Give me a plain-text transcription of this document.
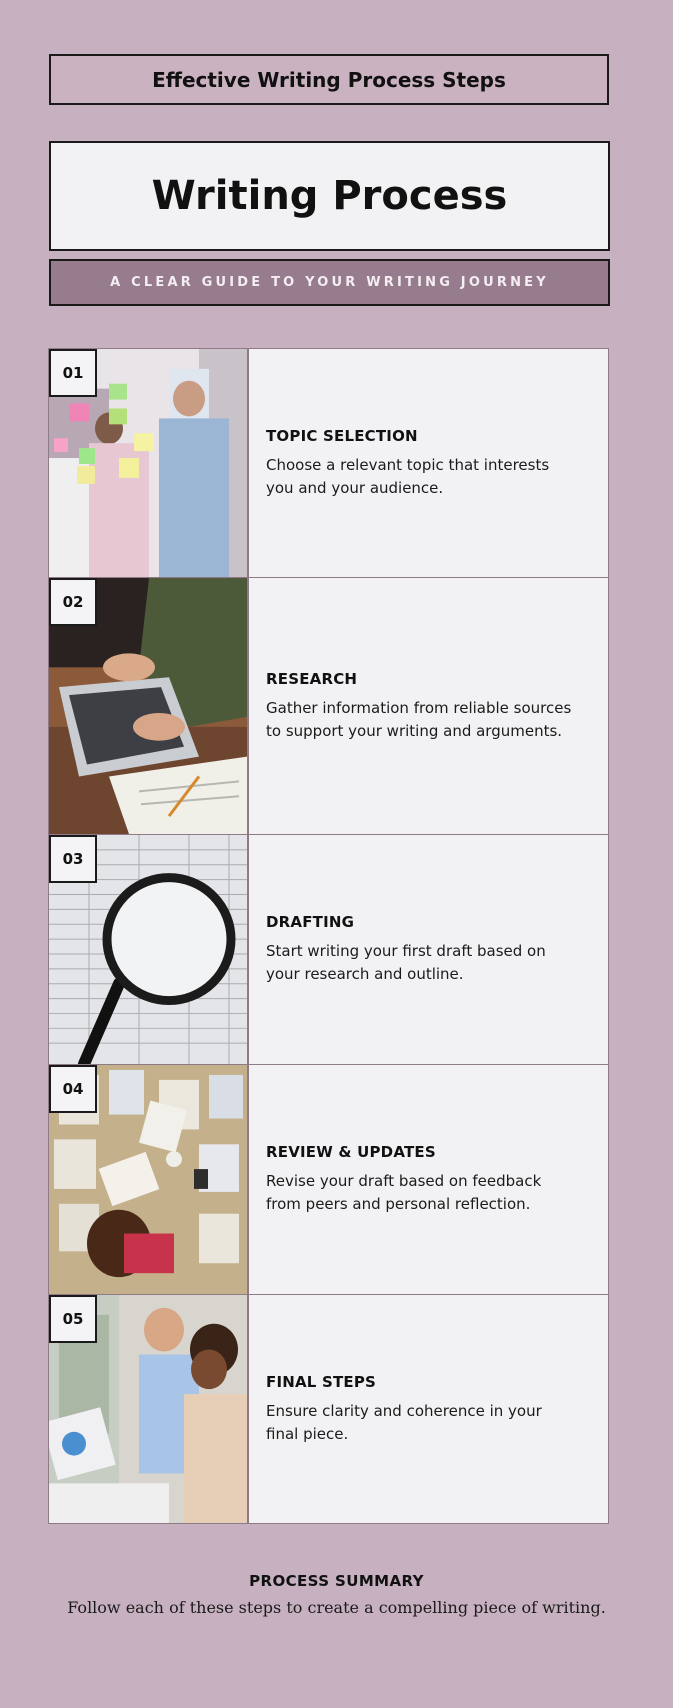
Effective Writing Process Steps
Writing Process
A CLEAR GUIDE TO YOUR WRITING JOURNEY
01
TOPIC SELECTION
Choose a relevant topic that interests you and your audience.
02
RESEARCH
Gather information from reliable sources to support your writing and arguments.
03
DRAFTING
Start writing your first draft based on your research and outline.
04
REVIEW & UPDATES
Revise your draft based on feedback from peers and personal reflection.
05
FINAL STEPS
Ensure clarity and coherence in your final piece.
PROCESS SUMMARY
Follow each of these steps to create a compelling piece of writing.
